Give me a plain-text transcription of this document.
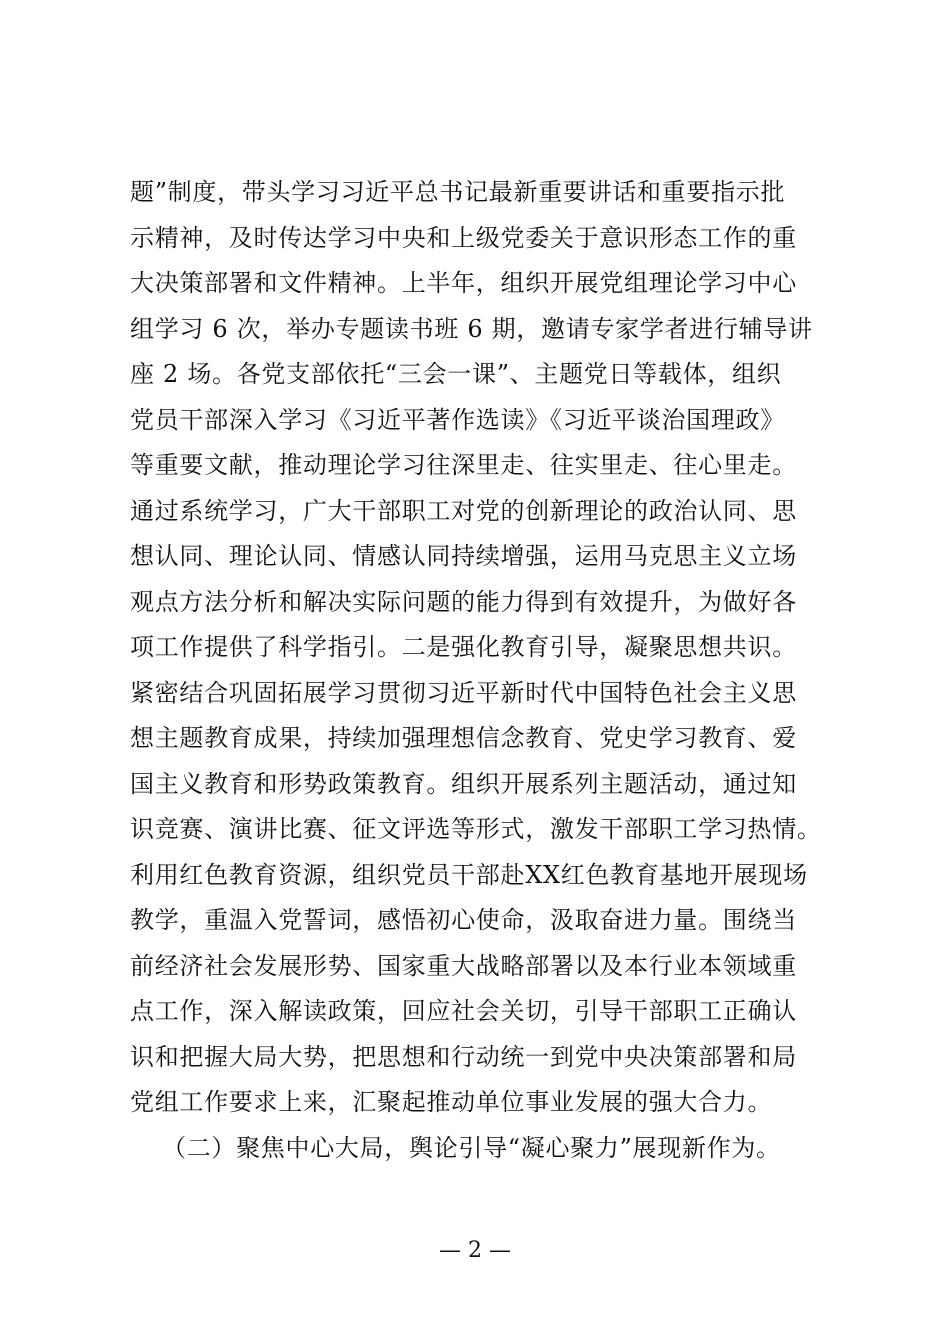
题”制度，带头学习习近平总书记最新重要讲话和重要指示批
示精神，及时传达学习中央和上级党委关于意识形态工作的重
大决策部署和文件精神。上半年，组织开展党组理论学习中心
组学习 6 次，举办专题读书班 6 期，邀请专家学者进行辅导讲
座 2 场。各党支部依托“三会一课”、主题党日等载体，组织
党员干部深入学习《习近平著作选读》《习近平谈治国理政》
等重要文献，推动理论学习往深里走、往实里走、往心里走。
通过系统学习，广大干部职工对党的创新理论的政治认同、思
想认同、理论认同、情感认同持续增强，运用马克思主义立场
观点方法分析和解决实际问题的能力得到有效提升，为做好各
项工作提供了科学指引。二是强化教育引导，凝聚思想共识。
紧密结合巩固拓展学习贯彻习近平新时代中国特色社会主义思
想主题教育成果，持续加强理想信念教育、党史学习教育、爱
国主义教育和形势政策教育。组织开展系列主题活动，通过知
识竞赛、演讲比赛、征文评选等形式，激发干部职工学习热情。
利用红色教育资源，组织党员干部赴XX红色教育基地开展现场
教学，重温入党誓词，感悟初心使命，汲取奋进力量。围绕当
前经济社会发展形势、国家重大战略部署以及本行业本领域重
点工作，深入解读政策，回应社会关切，引导干部职工正确认
识和把握大局大势，把思想和行动统一到党中央决策部署和局
党组工作要求上来，汇聚起推动单位事业发展的强大合力。
（二）聚焦中心大局，舆论引导“凝心聚力”展现新作为。
— 2 —
